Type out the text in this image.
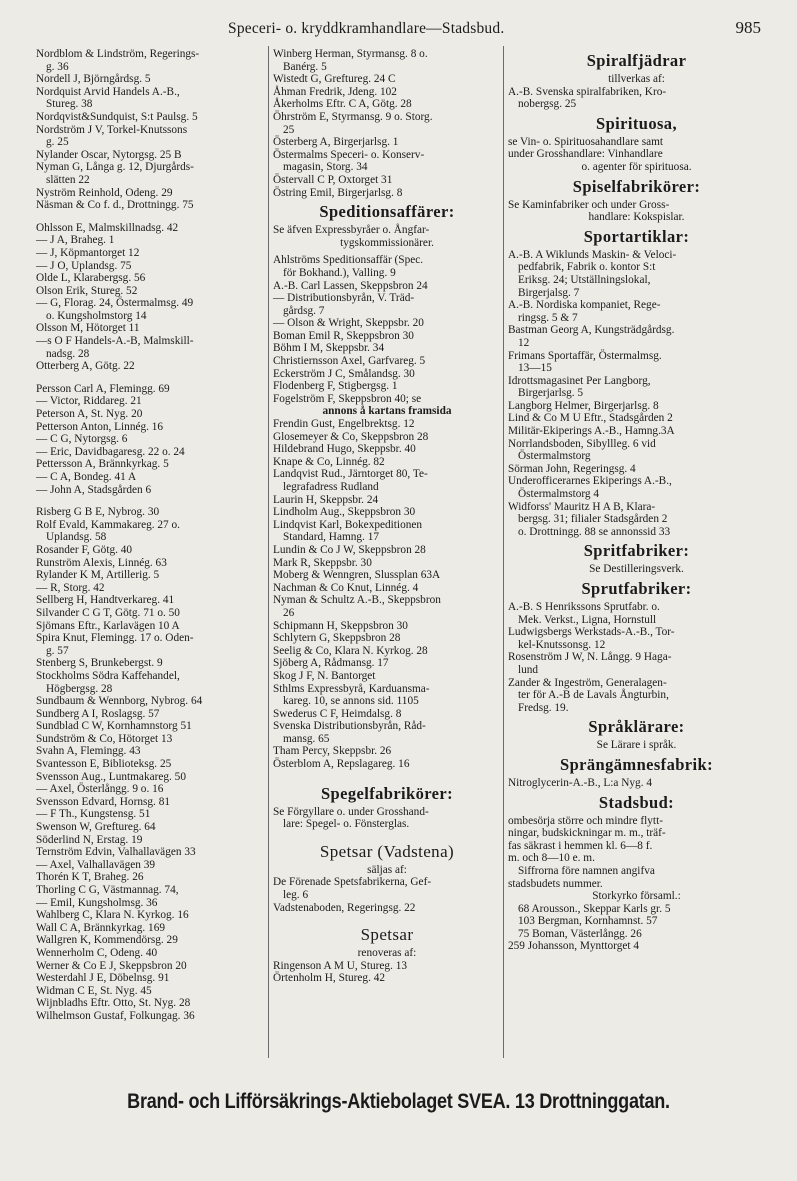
Speceri- o. kryddkramhandlare—Stadsbud.	985
Nordblom & Lindström, Regerings-
g. 36
Nordell J, Björngårdsg. 5
Nordquist Arvid Handels A.-B.,
Stureg. 38
Nordqvist&Sundquist, S:t Paulsg. 5
Nordström J V, Torkel-Knutssons
g. 25
Nylander Oscar, Nytorgsg. 25 B
Nyman G, Långa g. 12, Djurgårds-
slätten 22
Nyström Reinhold, Odeng. 29
Näsman & Co f. d., Drottningg. 75
Ohlsson E, Malmskillnadsg. 42
— J A, Braheg. 1
— J, Köpmantorget 12
— J O, Uplandsg. 75
Olde L, Klarabergsg. 56
Olson Erik, Stureg. 52
— G, Florag. 24, Östermalmsg. 49
o. Kungsholmstorg 14
Olsson M, Hötorget 11
—s O F Handels-A.-B, Malmskill-
nadsg. 28
Otterberg A, Götg. 22
Persson Carl A, Flemingg. 69
— Victor, Riddareg. 21
Peterson A, St. Nyg. 20
Petterson Anton, Linnég. 16
— C G, Nytorgsg. 6
— Eric, Davidbagaresg. 22 o. 24
Pettersson A, Brännkyrkag. 5
— C A, Bondeg. 41 A
— John A, Stadsgården 6
Risberg G B E, Nybrog. 30
Rolf Evald, Kammakareg. 27 o.
Uplandsg. 58
Rosander F, Götg. 40
Runström Alexis, Linnég. 63
Rylander K M, Artillerig. 5
— R, Storg. 42
Sellberg H, Handtverkareg. 41
Silvander C G T, Götg. 71 o. 50
Sjömans Eftr., Karlavägen 10 A
Spira Knut, Flemingg. 17 o. Oden-
g. 57
Stenberg S, Brunkebergst. 9
Stockholms Södra Kaffehandel,
Högbergsg. 28
Sundbaum & Wennborg, Nybrog. 64
Sundberg A I, Roslagsg. 57
Sundblad C W, Kornhamnstorg 51
Sundström & Co, Hötorget 13
Svahn A, Flemingg. 43
Svantesson E, Biblioteksg. 25
Svensson Aug., Luntmakareg. 50
— Axel, Österlångg. 9 o. 16
Svensson Edvard, Hornsg. 81
— F Th., Kungstensg. 51
Swenson W, Greftureg. 64
Söderlind N, Erstag. 19
Ternström Edvin, Valhallavägen 33
— Axel, Valhallavägen 39
Thorén K T, Braheg. 26
Thorling C G, Västmannag. 74,
— Emil, Kungsholmsg. 36
Wahlberg C, Klara N. Kyrkog. 16
Wall C A, Brännkyrkag. 169
Wallgren K, Kommendörsg. 29
Wennerholm C, Odeng. 40
Werner & Co E J, Skeppsbron 20
Westerdahl J E, Döbelnsg. 91
Widman C E, St. Nyg. 45
Wijnbladhs Eftr. Otto, St. Nyg. 28
Wilhelmson Gustaf, Folkungag. 36
Winberg Herman, Styrmansg. 8 o.
Banérg. 5
Wistedt G, Greftureg. 24 C
Åhman Fredrik, Jdeng. 102
Åkerholms Eftr. C A, Götg. 28
Öhrström E, Styrmansg. 9 o. Storg.
25
Österberg A, Birgerjarlsg. 1
Östermalms Speceri- o. Konserv-
magasin, Storg. 34
Östervall C P, Oxtorget 31
Östring Emil, Birgerjarlsg. 8
Speditionsaffärer:
Se äfven Expressbyråer o. Ångfar-
tygskommissionärer.
Ahlströms Speditionsaffär (Spec.
för Bokhand.), Valling. 9
A.-B. Carl Lassen, Skeppsbron 24
— Distributionsbyrån, V. Träd-
gårdsg. 7
— Olson & Wright, Skeppsbr. 20
Boman Emil R, Skeppsbron 30
Böhm I M, Skeppsbr. 34
Christiernsson Axel, Garfvareg. 5
Eckerström J C, Smålandsg. 30
Flodenberg F, Stigbergsg. 1
Fogelström F, Skeppsbron 40; se
annons å kartans framsida
Frendin Gust, Engelbrektsg. 12
Glosemeyer & Co, Skeppsbron 28
Hildebrand Hugo, Skeppsbr. 40
Knape & Co, Linnég. 82
Landqvist Rud., Järntorget 80, Te-
legrafadress Rudland
Laurin H, Skeppsbr. 24
Lindholm Aug., Skeppsbron 30
Lindqvist Karl, Bokexpeditionen
Standard, Hamng. 17
Lundin & Co J W, Skeppsbron 28
Mark R, Skeppsbr. 30
Moberg & Wenngren, Slussplan 63A
Nachman & Co Knut, Linnég. 4
Nyman & Schultz A.-B., Skeppsbron
26
Schipmann H, Skeppsbron 30
Schlytern G, Skeppsbron 28
Seelig & Co, Klara N. Kyrkog. 28
Sjöberg A, Rådmansg. 17
Skog J F, N. Bantorget
Sthlms Expressbyrå, Karduansma-
kareg. 10, se annons sid. 1105
Swederus C F, Heimdalsg. 8
Svenska Distributionsbyrån, Råd-
mansg. 65
Tham Percy, Skeppsbr. 26
Österblom A, Repslagareg. 16
Spegelfabrikörer:
Se Förgyllare o. under Grosshand-
lare: Spegel- o. Fönsterglas.
Spetsar (Vadstena)
säljas af:
De Förenade Spetsfabrikerna, Gef-
leg. 6
Vadstenaboden, Regeringsg. 22
Spetsar
renoveras af:
Ringenson A M U, Stureg. 13
Örtenholm H, Stureg. 42
Spiralfjädrar
tillverkas af:
A.-B. Svenska spiralfabriken, Kro-
nobergsg. 25
Spirituosa,
se Vin- o. Spirituosahandlare samt
under Grosshandlare: Vinhandlare
o. agenter för spirituosa.
Spiselfabrikörer:
Se Kaminfabriker och under Gross-
handlare: Kokspislar.
Sportartiklar:
A.-B. A Wiklunds Maskin- & Veloci-
pedfabrik, Fabrik o. kontor S:t
Eriksg. 24; Utställningslokal,
Birgerjalsg. 7
A.-B. Nordiska kompaniet, Rege-
ringsg. 5 & 7
Bastman Georg A, Kungsträdgårdsg.
12
Frimans Sportaffär, Östermalmsg.
13—15
Idrottsmagasinet Per Langborg,
Birgerjarlsg. 5
Langborg Helmer, Birgerjarlsg. 8
Lind & Co M U Eftr., Stadsgården 2
Militär-Ekiperings A.-B., Hamng.3A
Norrlandsboden, Sibyllleg. 6 vid
Östermalmstorg
Sörman John, Regeringsg. 4
Underofficerarnes Ekiperings A.-B.,
Östermalmstorg 4
Widforss' Mauritz H A B, Klara-
bergsg. 31; filialer Stadsgården 2
o. Drottningg. 88 se annonssid 33
Spritfabriker:
Se Destilleringsverk.
Sprutfabriker:
A.-B. S Henrikssons Sprutfabr. o.
Mek. Verkst., Ligna, Hornstull
Ludwigsbergs Werkstads-A.-B., Tor-
kel-Knutssonsg. 12
Rosenström J W, N. Långg. 9 Haga-
lund
Zander & Ingeström, Generalagen-
ter för A.-B de Lavals Ångturbin,
Fredsg. 19.
Språklärare:
Se Lärare i språk.
Sprängämnesfabrik:
Nitroglycerin-A.-B., L:a Nyg. 4
Stadsbud:
ombesörja större och mindre flytt-
ningar, budskickningar m. m., träf-
fas säkrast i hemmen kl. 6—8 f.
m. och 8—10 e. m.
Siffrorna före namnen angifva
stadsbudets nummer.
Storkyrko församl.:
68 Arousson., Skeppar Karls gr. 5
103 Bergman, Kornhamnst. 57
75 Boman, Västerlångg. 26
259 Johansson, Mynttorget 4
Brand- och Lifförsäkrings-Aktiebolaget SVEA. 13 Drottninggatan.
